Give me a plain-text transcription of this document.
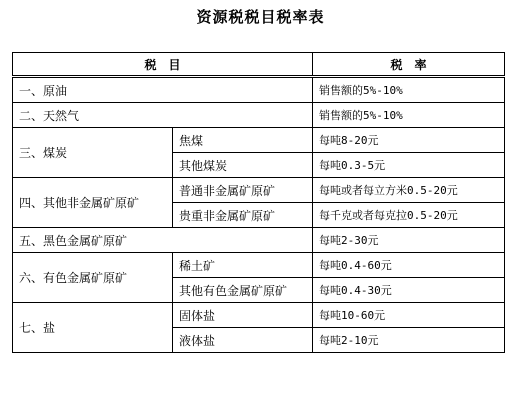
资源税税目税率表
税　目		税　率
一、原油		销售额的5%-10%
二、天然气		销售额的5%-10%
三、煤炭	焦煤	每吨8-20元
	其他煤炭	每吨0.3-5元
四、其他非金属矿原矿	普通非金属矿原矿	每吨或者每立方米0.5-20元
	贵重非金属矿原矿	每千克或者每克拉0.5-20元
五、黑色金属矿原矿		每吨2-30元
六、有色金属矿原矿	稀土矿	每吨0.4-60元
	其他有色金属矿原矿	每吨0.4-30元
七、盐	固体盐	每吨10-60元
	液体盐	每吨2-10元
